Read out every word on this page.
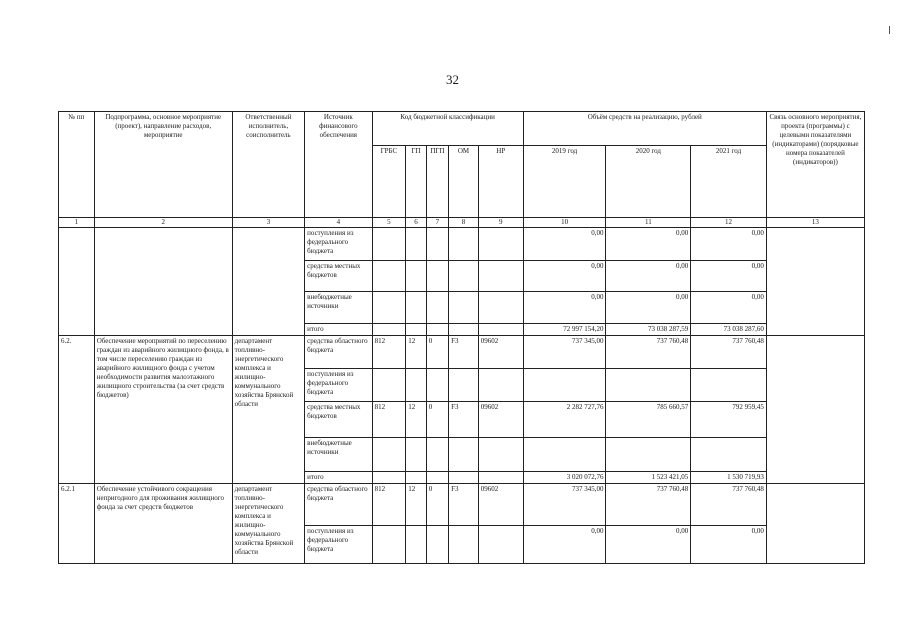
32
№ пп	Подпрограмма, основное мероприятие (проект), направление расходов, мероприятие	Ответственный исполнитель, соисполнитель	Источник финансового обеспечения	Код бюджетной классификации					Объём средств на реализацию, рублей			Связь основного мероприятия, проекта (программы) с целевыми показателями (индикаторами) (порядковые номера показателей (индикаторов))
				ГРБС	ГП	ПГП	ОМ	НР	2019 год	2020 год	2021 год	
1	2	3	4	5	6	7	8	9	10	11	12	13
			поступления из федерального бюджета						0,00	0,00	0,00	
			средства местных бюджетов						0,00	0,00	0,00	
			внебюджетные источники						0,00	0,00	0,00	
			итого						72 997 154,20	73 038 287,59	73 038 287,60	
6.2.	Обеспечение мероприятий по переселению граждан из аварийного жилищного фонда, в том числе переселению граждан из аварийного жилищного фонда с учетом необходимости развития малоэтажного жилищного строительства (за счет средств бюджетов)	департамент топливно-энергетического комплекса и жилищно-коммунального хозяйства Брянской области	средства областного бюджета	812	12	0	F3	09602	737 345,00	737 760,48	737 760,48	
			поступления из федерального бюджета									
			средства местных бюджетов	812	12	0	F3	09602	2 282 727,76	785 660,57	792 959,45	
			внебюджетные источники									
			итого						3 020 072,76	1 523 421,05	1 530 719,93	
6.2.1	Обеспечение устойчивого сокращения непригодного для проживания жилищного фонда за счет средств бюджетов	департамент топливно-энергетического комплекса и жилищно-коммунального хозяйства Брянской области	средства областного бюджета	812	12	0	F3	09602	737 345,00	737 760,48	737 760,48	
			поступления из федерального бюджета						0,00	0,00	0,00	
